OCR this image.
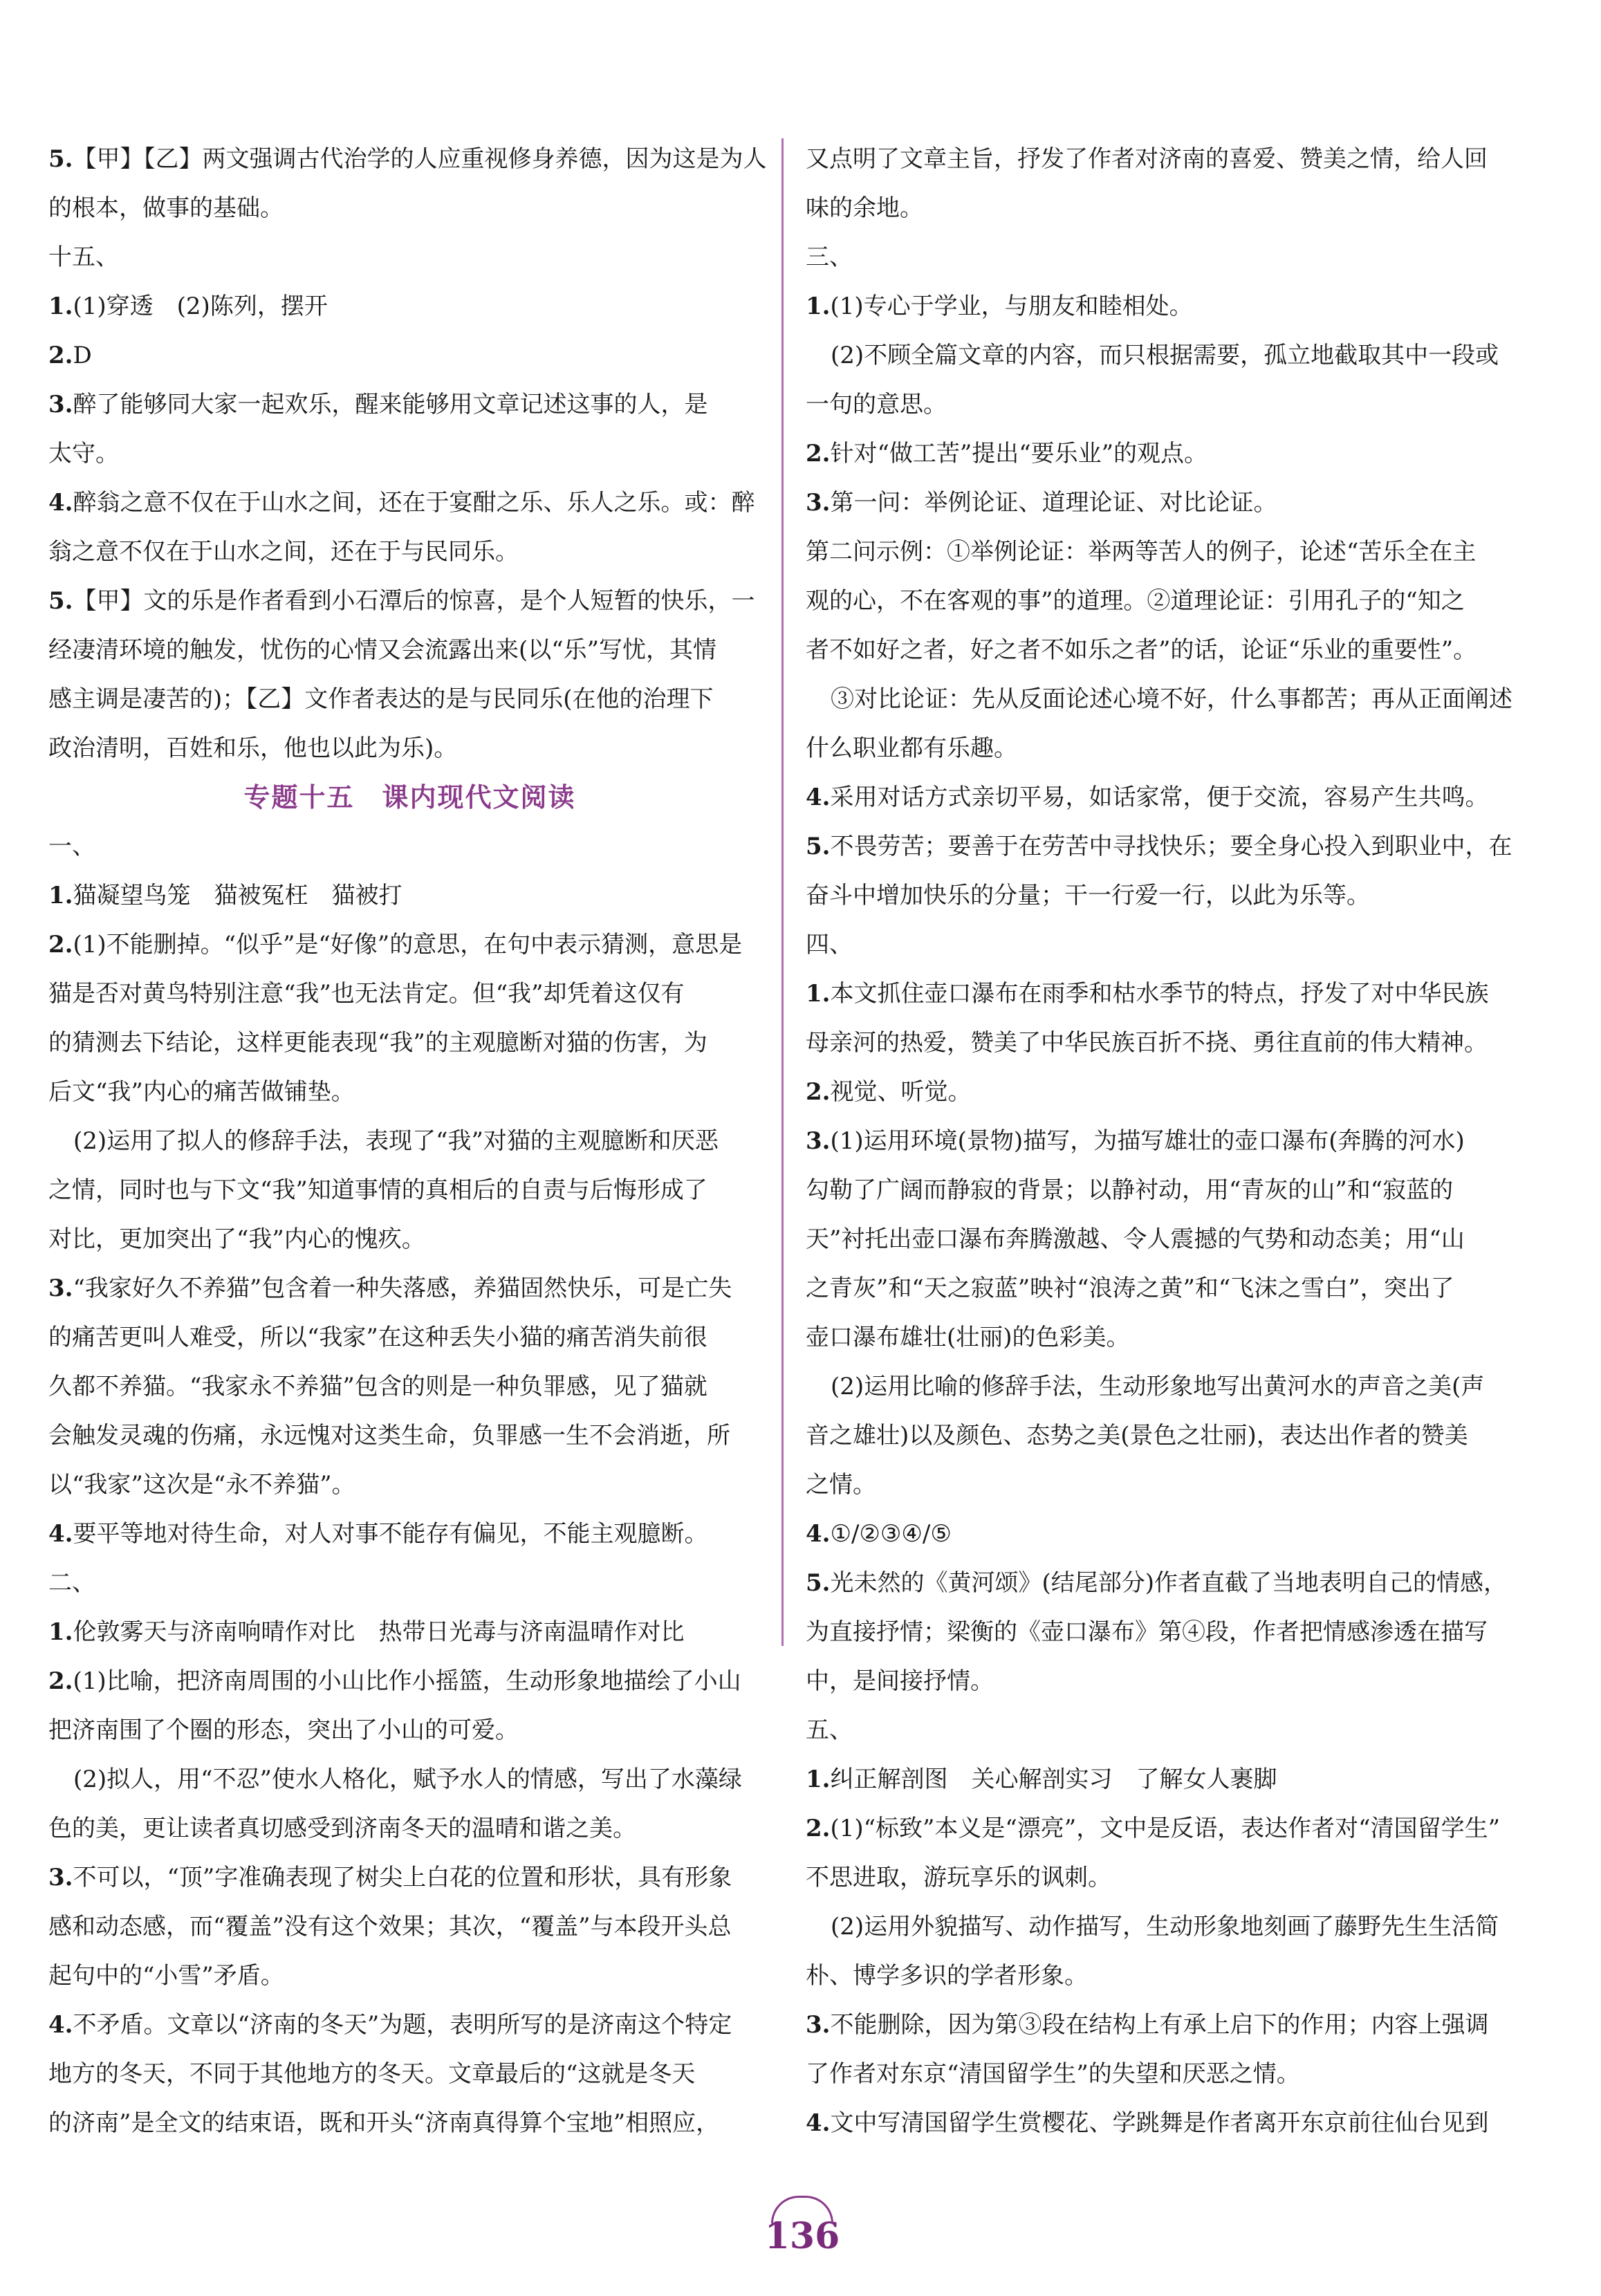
5.【甲】【乙】两文强调古代治学的人应重视修身养德，因为这是为人

的根本，做事的基础。

十五、

1.(1)穿透　(2)陈列，摆开

2.D

3.醉了能够同大家一起欢乐，醒来能够用文章记述这事的人，是

太守。

4.醉翁之意不仅在于山水之间，还在于宴酣之乐、乐人之乐。或：醉

翁之意不仅在于山水之间，还在于与民同乐。

5.【甲】文的乐是作者看到小石潭后的惊喜，是个人短暂的快乐，一

经凄清环境的触发，忧伤的心情又会流露出来(以“乐”写忧，其情

感主调是凄苦的)；【乙】文作者表达的是与民同乐(在他的治理下

政治清明，百姓和乐，他也以此为乐)。

专题十五　课内现代文阅读

一、

1.猫凝望鸟笼　猫被冤枉　猫被打

2.(1)不能删掉。“似乎”是“好像”的意思，在句中表示猜测，意思是

猫是否对黄鸟特别注意“我”也无法肯定。但“我”却凭着这仅有

的猜测去下结论，这样更能表现“我”的主观臆断对猫的伤害，为

后文“我”内心的痛苦做铺垫。

(2)运用了拟人的修辞手法，表现了“我”对猫的主观臆断和厌恶

之情，同时也与下文“我”知道事情的真相后的自责与后悔形成了

对比，更加突出了“我”内心的愧疚。

3.“我家好久不养猫”包含着一种失落感，养猫固然快乐，可是亡失

的痛苦更叫人难受，所以“我家”在这种丢失小猫的痛苦消失前很

久都不养猫。“我家永不养猫”包含的则是一种负罪感，见了猫就

会触发灵魂的伤痛，永远愧对这类生命，负罪感一生不会消逝，所

以“我家”这次是“永不养猫”。

4.要平等地对待生命，对人对事不能存有偏见，不能主观臆断。

二、

1.伦敦雾天与济南响晴作对比　热带日光毒与济南温晴作对比

2.(1)比喻，把济南周围的小山比作小摇篮，生动形象地描绘了小山

把济南围了个圈的形态，突出了小山的可爱。

(2)拟人，用“不忍”使水人格化，赋予水人的情感，写出了水藻绿

色的美，更让读者真切感受到济南冬天的温晴和谐之美。

3.不可以，“顶”字准确表现了树尖上白花的位置和形状，具有形象

感和动态感，而“覆盖”没有这个效果；其次，“覆盖”与本段开头总

起句中的“小雪”矛盾。

4.不矛盾。文章以“济南的冬天”为题，表明所写的是济南这个特定

地方的冬天，不同于其他地方的冬天。文章最后的“这就是冬天

的济南”是全文的结束语，既和开头“济南真得算个宝地”相照应，

又点明了文章主旨，抒发了作者对济南的喜爱、赞美之情，给人回

味的余地。

三、

1.(1)专心于学业，与朋友和睦相处。

(2)不顾全篇文章的内容，而只根据需要，孤立地截取其中一段或

一句的意思。

2.针对“做工苦”提出“要乐业”的观点。

3.第一问：举例论证、道理论证、对比论证。

第二问示例：①举例论证：举两等苦人的例子，论述“苦乐全在主

观的心，不在客观的事”的道理。②道理论证：引用孔子的“知之

者不如好之者，好之者不如乐之者”的话，论证“乐业的重要性”。

③对比论证：先从反面论述心境不好，什么事都苦；再从正面阐述

什么职业都有乐趣。

4.采用对话方式亲切平易，如话家常，便于交流，容易产生共鸣。

5.不畏劳苦；要善于在劳苦中寻找快乐；要全身心投入到职业中，在

奋斗中增加快乐的分量；干一行爱一行，以此为乐等。

四、

1.本文抓住壶口瀑布在雨季和枯水季节的特点，抒发了对中华民族

母亲河的热爱，赞美了中华民族百折不挠、勇往直前的伟大精神。

2.视觉、听觉。

3.(1)运用环境(景物)描写，为描写雄壮的壶口瀑布(奔腾的河水)

勾勒了广阔而静寂的背景；以静衬动，用“青灰的山”和“寂蓝的

天”衬托出壶口瀑布奔腾激越、令人震撼的气势和动态美；用“山

之青灰”和“天之寂蓝”映衬“浪涛之黄”和“飞沫之雪白”，突出了

壶口瀑布雄壮(壮丽)的色彩美。

(2)运用比喻的修辞手法，生动形象地写出黄河水的声音之美(声

音之雄壮)以及颜色、态势之美(景色之壮丽)，表达出作者的赞美

之情。

4.①/②③④/⑤

5.光未然的《黄河颂》(结尾部分)作者直截了当地表明自己的情感，

为直接抒情；梁衡的《壶口瀑布》第④段，作者把情感渗透在描写

中，是间接抒情。

五、

1.纠正解剖图　关心解剖实习　了解女人裹脚

2.(1)“标致”本义是“漂亮”，文中是反语，表达作者对“清国留学生”

不思进取，游玩享乐的讽刺。

(2)运用外貌描写、动作描写，生动形象地刻画了藤野先生生活简

朴、博学多识的学者形象。

3.不能删除，因为第③段在结构上有承上启下的作用；内容上强调

了作者对东京“清国留学生”的失望和厌恶之情。

4.文中写清国留学生赏樱花、学跳舞是作者离开东京前往仙台见到

136
